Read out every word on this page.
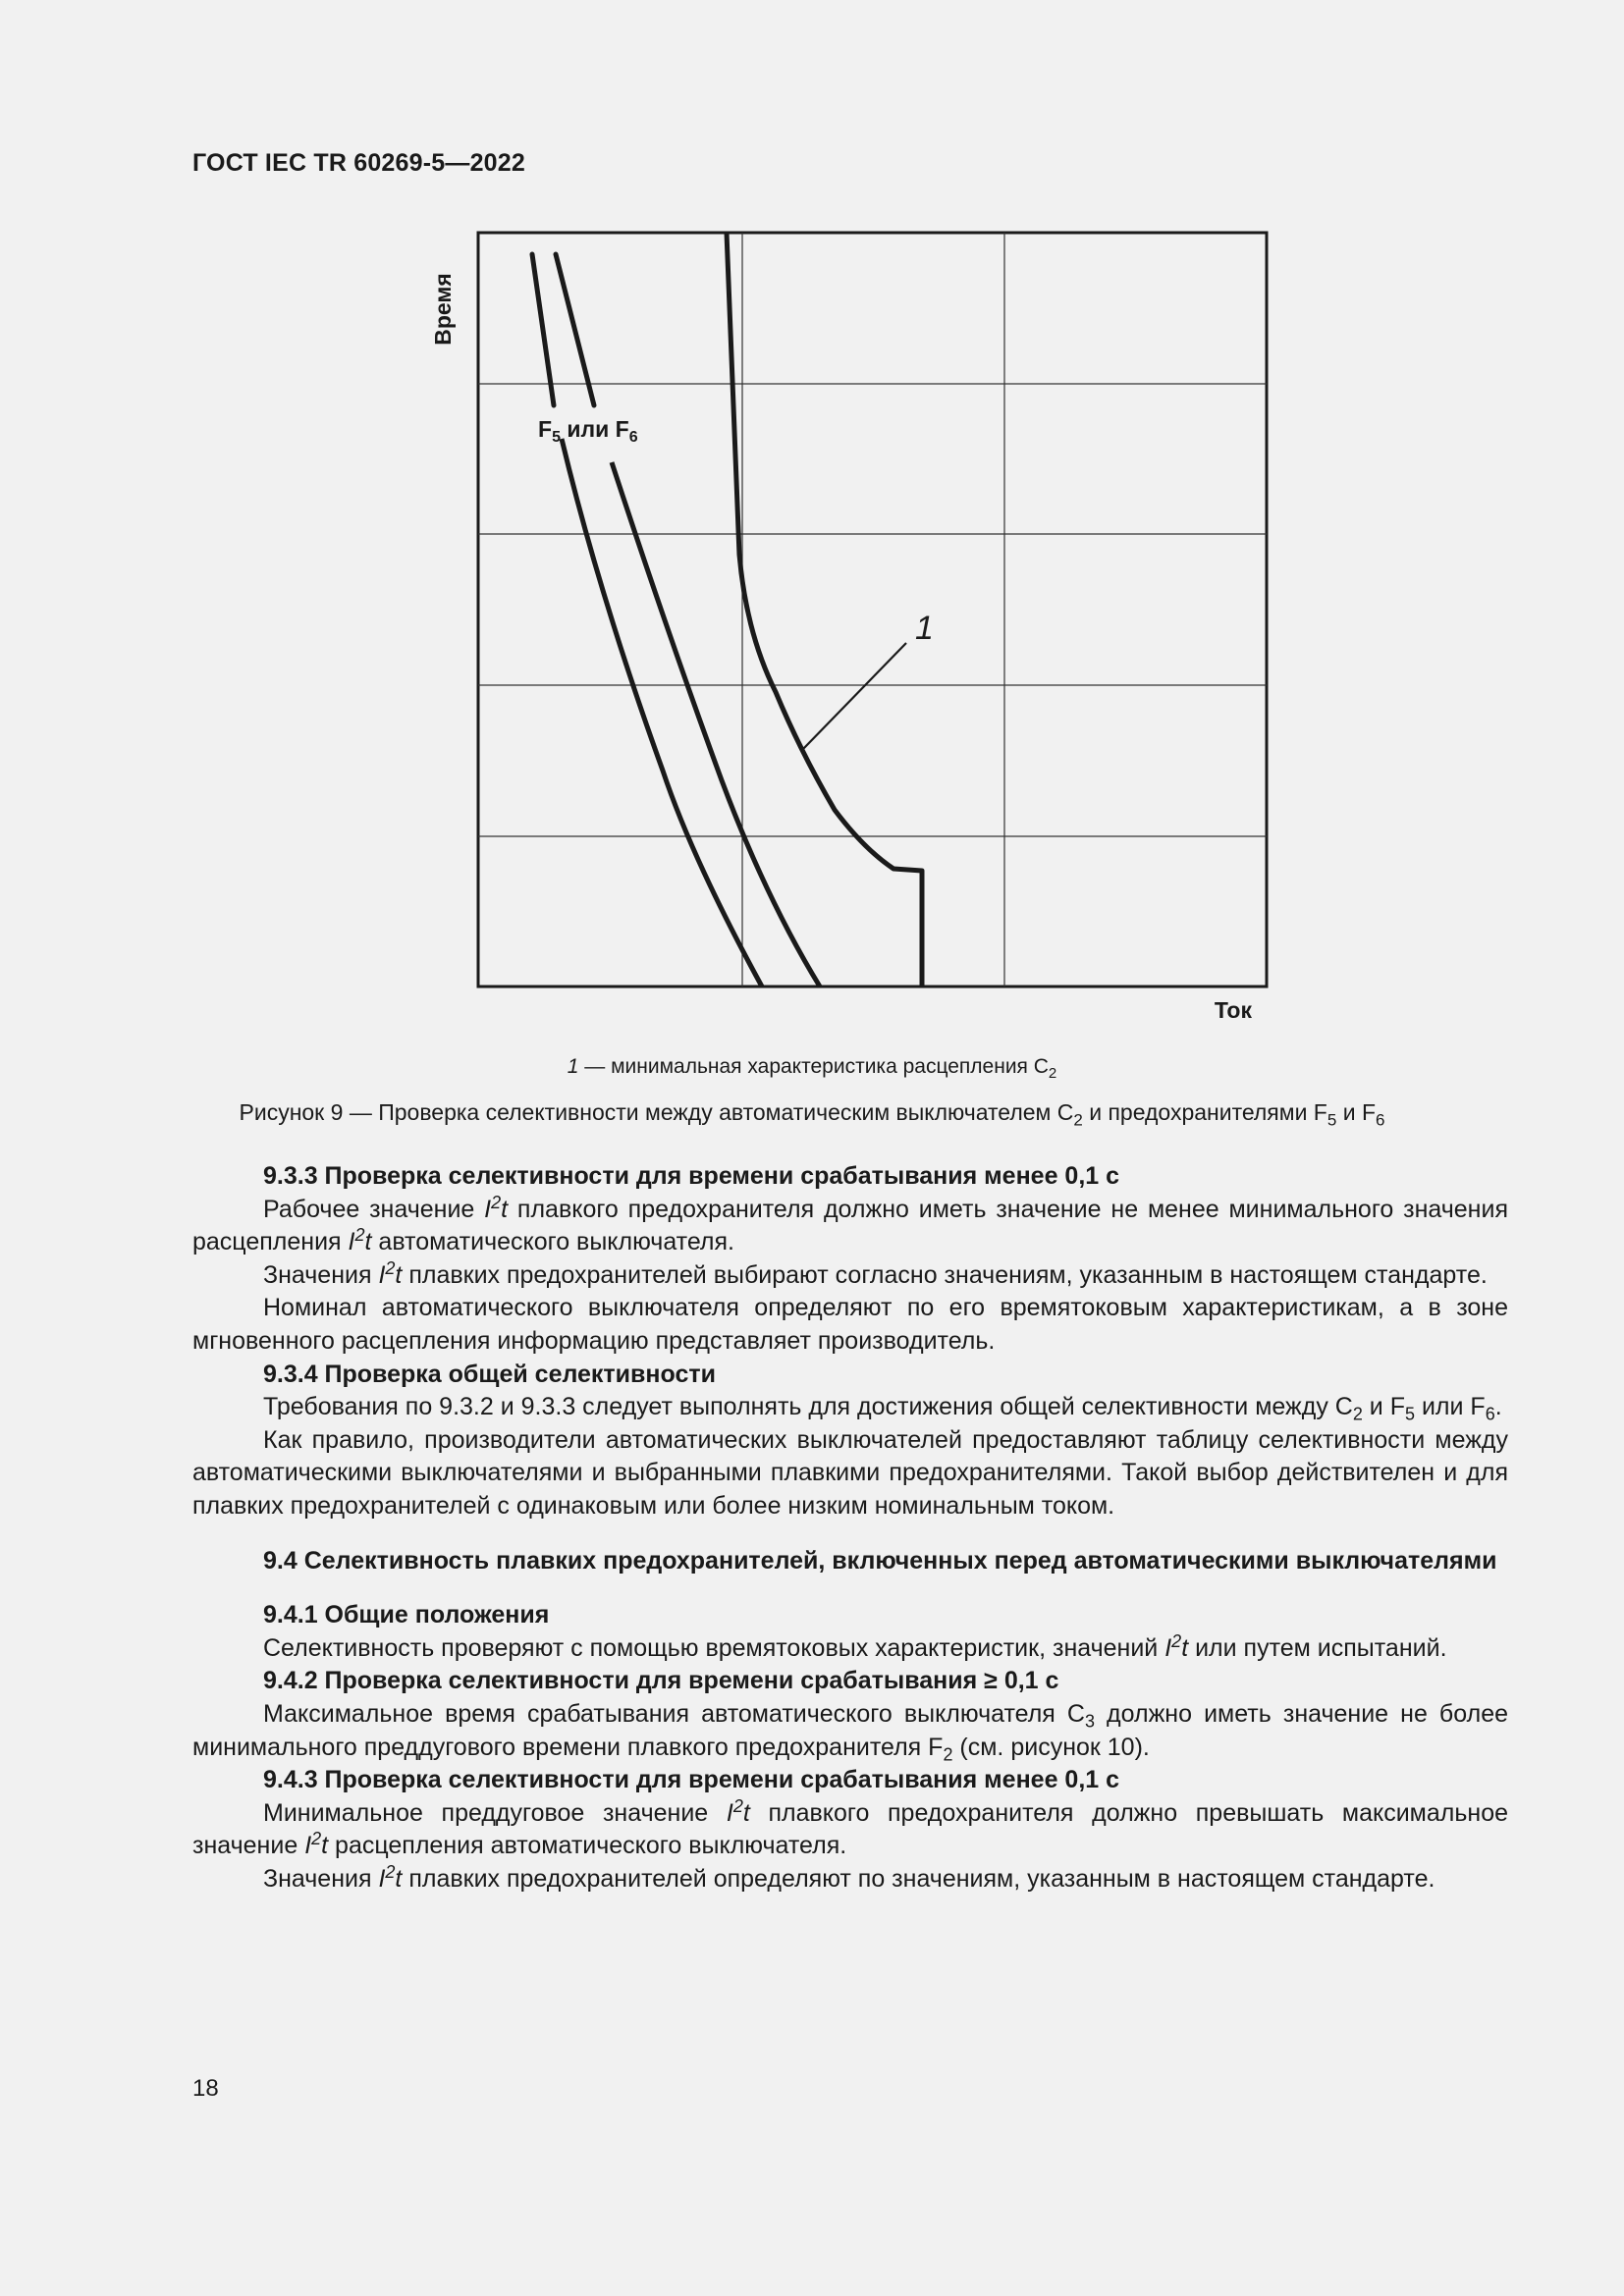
ГОСТ IEC TR 60269-5—2022
1
$F_5$ или $F_6$
Время
Ток
1 — минимальная характеристика расцепления $C_2$
Рисунок 9 — Проверка селективности между автоматическим выключателем $C_2$ и предохранителями $F_5$ и $F_6$

9.3.3 Проверка селективности для времени срабатывания менее 0,1 с

Рабочее значение $I^2t$ плавкого предохранителя должно иметь значение не менее минимального значения расцепления $I^2t$ автоматического выключателя.

Значения $I^2t$ плавких предохранителей выбирают согласно значениям, указанным в настоящем стандарте.

Номинал автоматического выключателя определяют по его времятоковым характеристикам, а в зоне мгновенного расцепления информацию представляет производитель.

9.3.4 Проверка общей селективности

Требования по 9.3.2 и 9.3.3 следует выполнять для достижения общей селективности между $С_2$ и $F_5$ или $F_6$.

Как правило, производители автоматических выключателей предоставляют таблицу селективности между автоматическими выключателями и выбранными плавкими предохранителями. Такой выбор действителен и для плавких предохранителей с одинаковым или более низким номинальным током.

9.4 Селективность плавких предохранителей, включенных перед автоматическими выключателями

9.4.1 Общие положения

Селективность проверяют с помощью времятоковых характеристик, значений $I^2t$ или путем испытаний.

9.4.2 Проверка селективности для времени срабатывания ≥ 0,1 с

Максимальное время срабатывания автоматического выключателя $С_3$ должно иметь значение не более минимального преддугового времени плавкого предохранителя $F_2$ (см. рисунок 10).

9.4.3 Проверка селективности для времени срабатывания менее 0,1 с

Минимальное преддуговое значение $I^2t$ плавкого предохранителя должно превышать максимальное значение $I^2t$ расцепления автоматического выключателя.

Значения $I^2t$ плавких предохранителей определяют по значениям, указанным в настоящем стандарте.

18
